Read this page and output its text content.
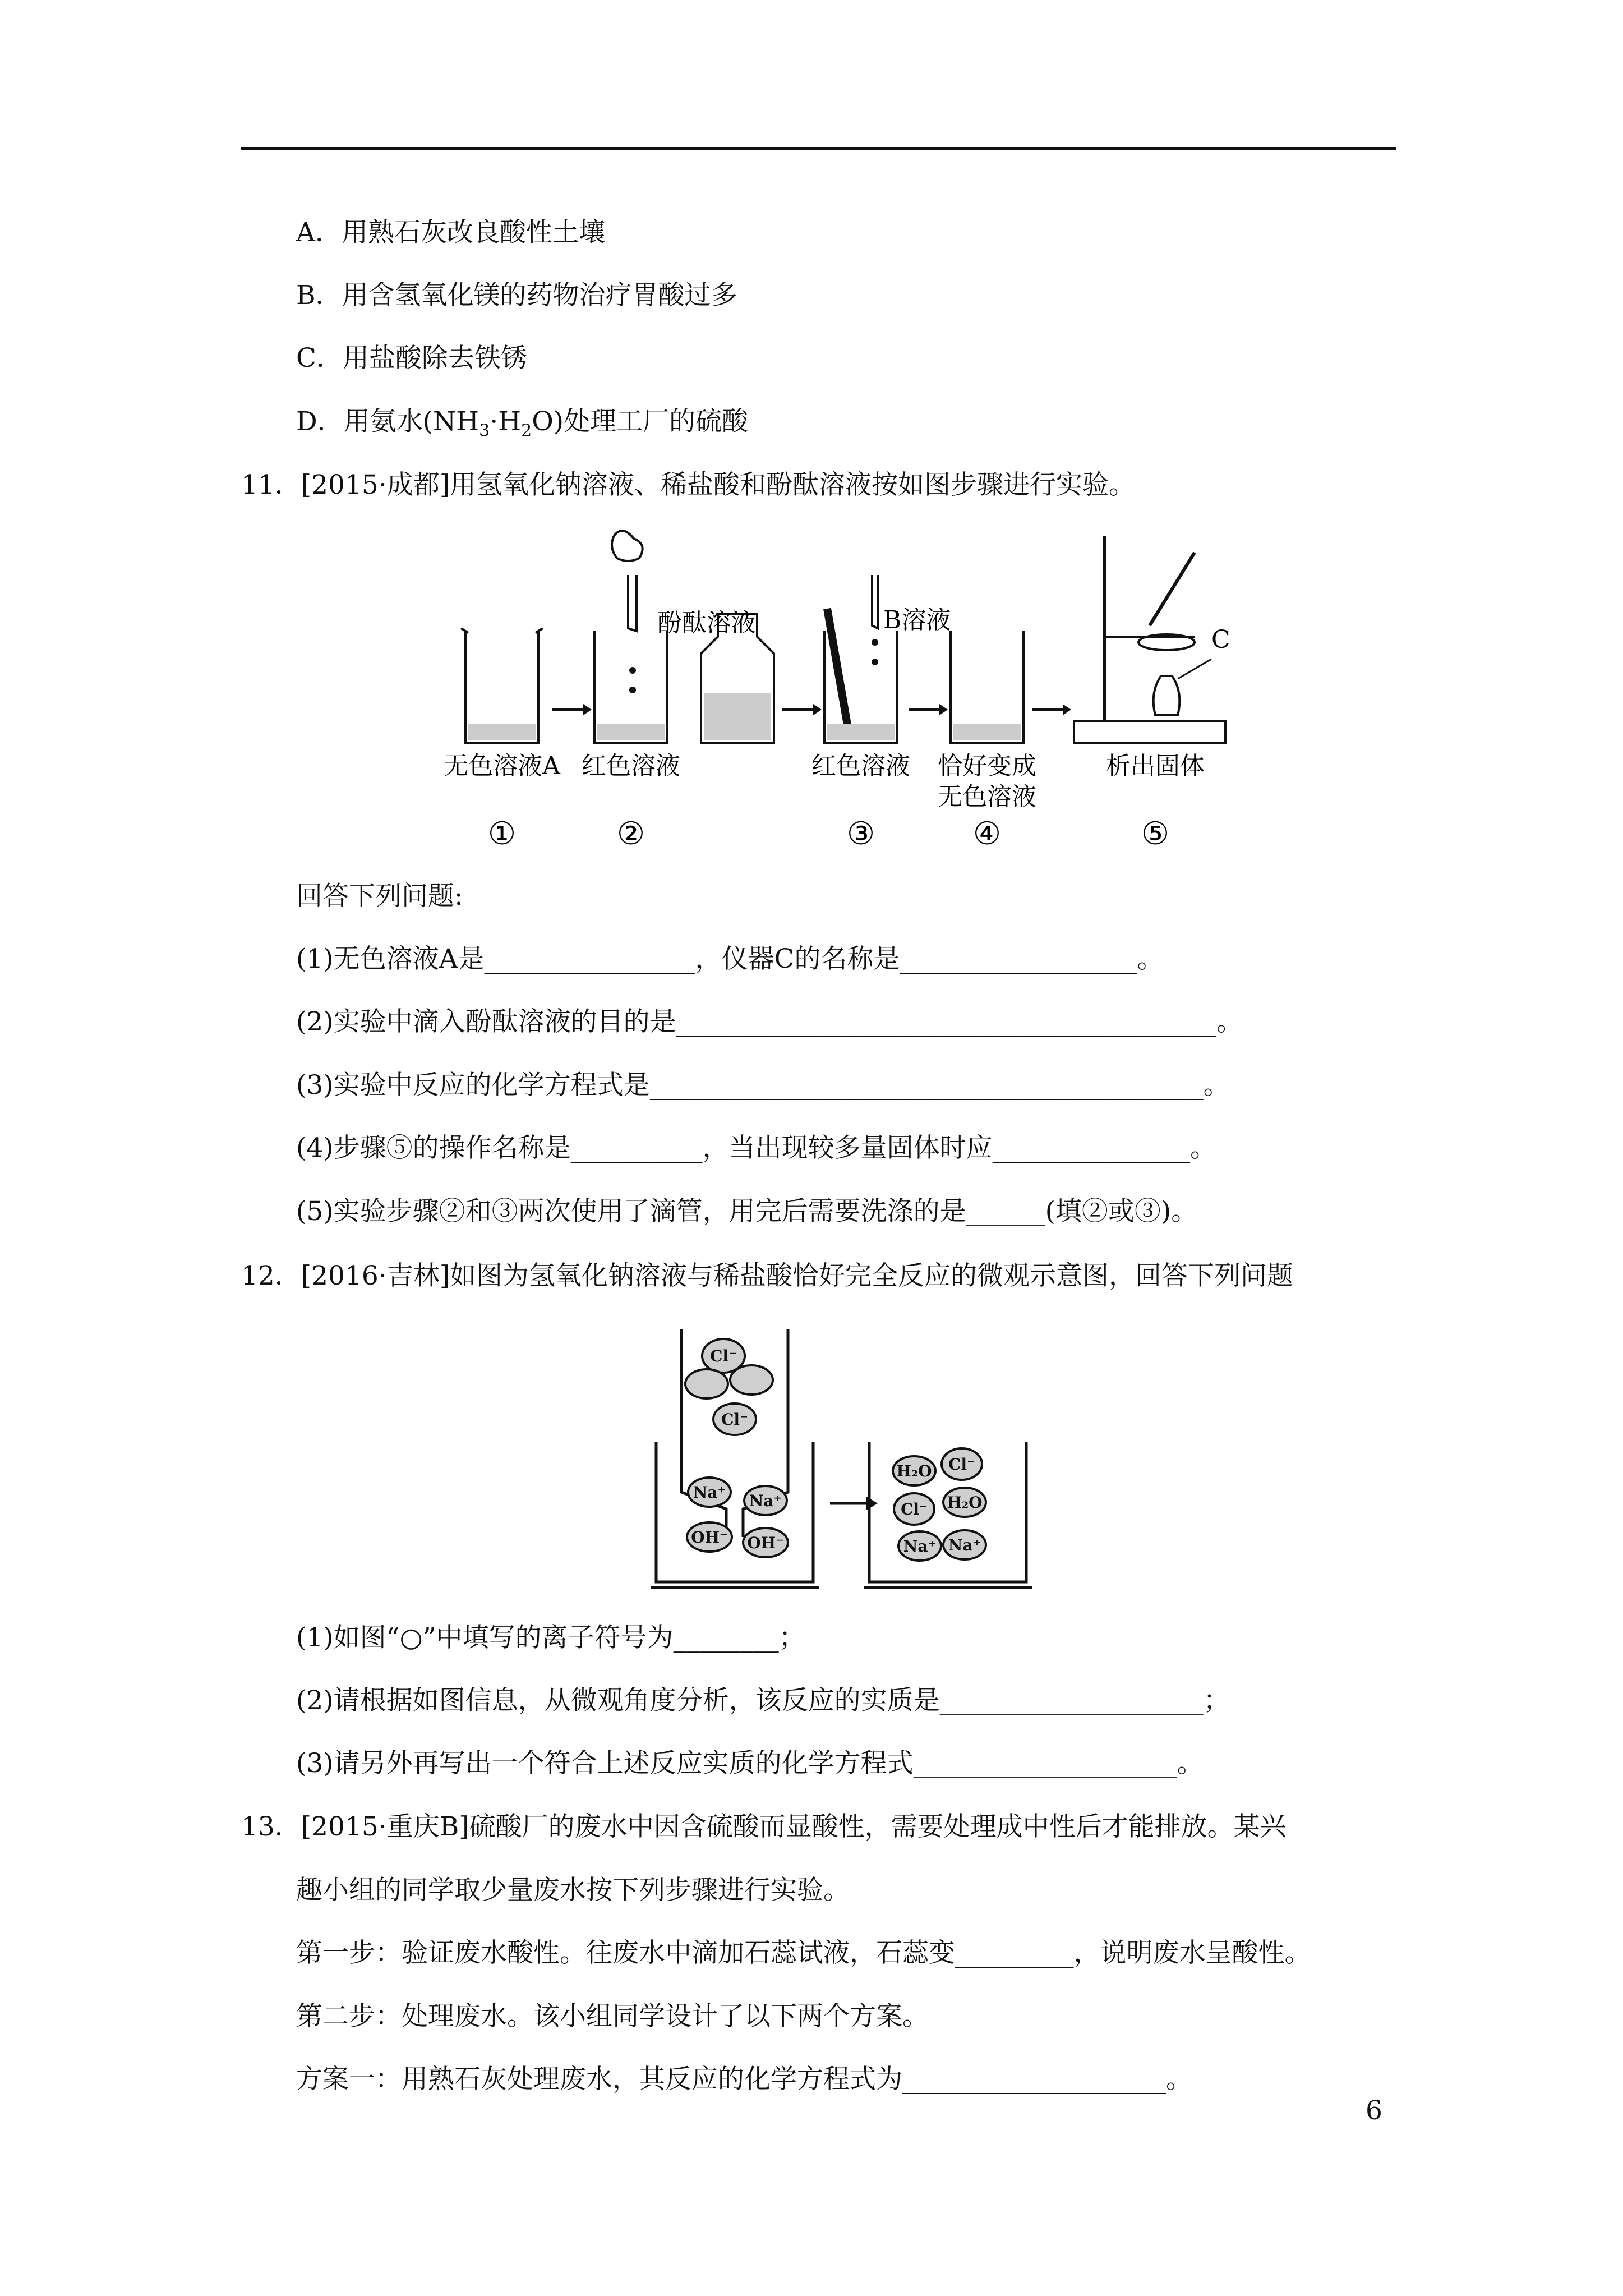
A．用熟石灰改良酸性土壤
B．用含氢氧化镁的药物治疗胃酸过多
C．用盐酸除去铁锈
D．用氨水$(NH_3\cdot H_2O)$处理工厂的硫酸
11．[2015·成都]用氢氧化钠溶液、稀盐酸和酚酞溶液按如图步骤进行实验。
酚酞溶液	B溶液
C
无色溶液A 红色溶液	红色溶液 恰好变成
无色溶液
析出固体
①	②	③	④	⑤
回答下列问题:
(1)无色溶液A是________________，仪器C的名称是__________________。
(2)实验中滴入酚酞溶液的目的是_________________________________________。
(3)实验中反应的化学方程式是__________________________________________。
(4)步骤⑤的操作名称是__________，当出现较多量固体时应_______________。
(5)实验步骤②和③两次使用了滴管，用完后需要洗涤的是______(填②或③)。
12．[2016·吉林]如图为氢氧化钠溶液与稀盐酸恰好完全反应的微观示意图，回答下列问题
Cl⁻
Cl⁻
Na⁺ Na⁺
OH⁻ OH⁻
H₂O Cl⁻
Cl⁻ H₂O
Na⁺ Na⁺
(1)如图“○”中填写的离子符号为________；
(2)请根据如图信息，从微观角度分析，该反应的实质是____________________；
(3)请另外再写出一个符合上述反应实质的化学方程式____________________。
13．[2015·重庆B]硫酸厂的废水中因含硫酸而显酸性，需要处理成中性后才能排放。某兴
趣小组的同学取少量废水按下列步骤进行实验。
第一步：验证废水酸性。往废水中滴加石蕊试液，石蕊变_________，说明废水呈酸性。
第二步：处理废水。该小组同学设计了以下两个方案。
方案一：用熟石灰处理废水，其反应的化学方程式为____________________。
6
